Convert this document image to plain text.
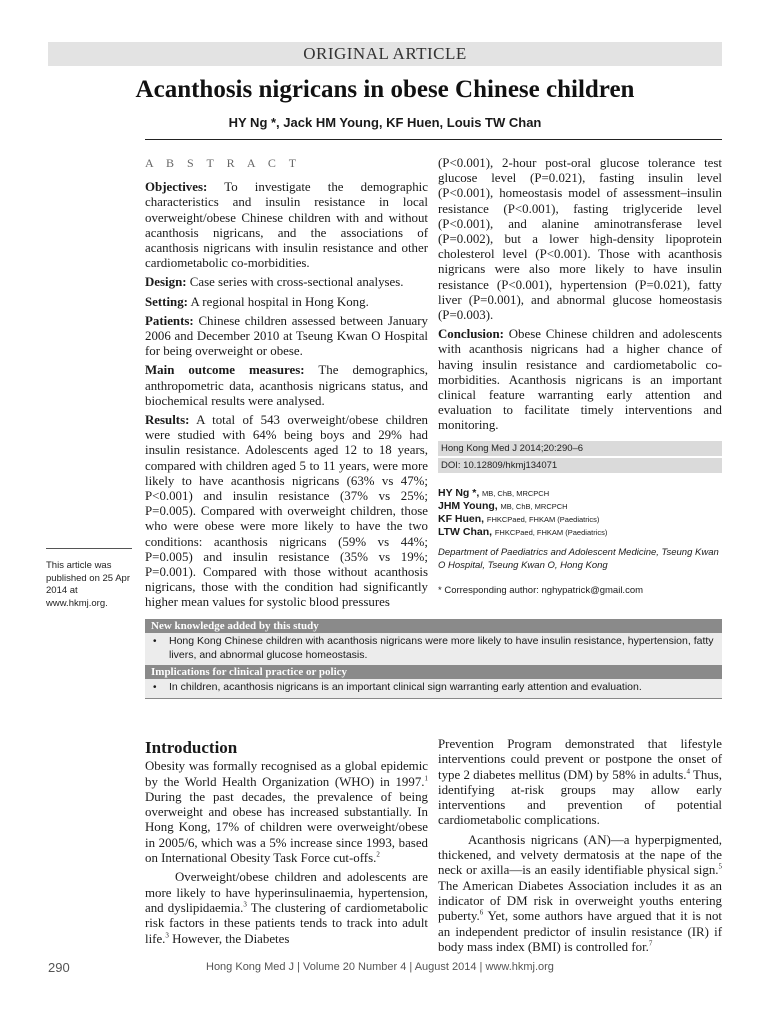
ORIGINAL ARTICLE
Acanthosis nigricans in obese Chinese children
HY Ng *, Jack HM Young, KF Huen, Louis TW Chan
A B S T R A C T

Objectives: To investigate the demographic characteristics and insulin resistance in local overweight/obese Chinese children with and without acanthosis nigricans, and the associations of acanthosis nigricans with insulin resistance and other cardiometabolic co-morbidities.

Design: Case series with cross-sectional analyses.

Setting: A regional hospital in Hong Kong.

Patients: Chinese children assessed between January 2006 and December 2010 at Tseung Kwan O Hospital for being overweight or obese.

Main outcome measures: The demographics, anthropometric data, acanthosis nigricans status, and biochemical results were analysed.

Results: A total of 543 overweight/obese children were studied with 64% being boys and 29% had insulin resistance. Adolescents aged 12 to 18 years, compared with children aged 5 to 11 years, were more likely to have acanthosis nigricans (63% vs 47%; P<0.001) and insulin resistance (37% vs 25%; P=0.005). Compared with overweight children, those who were obese were more likely to have the two conditions: acanthosis nigricans (59% vs 44%; P=0.005) and insulin resistance (35% vs 19%; P=0.001). Compared with those without acanthosis nigricans, those with the condition had significantly higher mean values for systolic blood pressures

(P<0.001), 2-hour post-oral glucose tolerance test glucose level (P=0.021), fasting insulin level (P<0.001), homeostasis model of assessment–insulin resistance (P<0.001), fasting triglyceride level (P<0.001), and alanine aminotransferase level (P=0.002), but a lower high-density lipoprotein cholesterol level (P<0.001). Those with acanthosis nigricans were also more likely to have insulin resistance (P<0.001), hypertension (P=0.021), fatty liver (P=0.001), and abnormal glucose homeostasis (P=0.003).

Conclusion: Obese Chinese children and adolescents with acanthosis nigricans had a higher chance of having insulin resistance and cardiometabolic co-morbidities. Acanthosis nigricans is an important clinical feature warranting early attention and evaluation to facilitate timely interventions and monitoring.

This article was published on 25 Apr 2014 at www.hkmj.org.
Hong Kong Med J 2014;20:290–6
DOI: 10.12809/hkmj134071
HY Ng *, MB, ChB, MRCPCH
JHM Young, MB, ChB, MRCPCH
KF Huen, FHKCPaed, FHKAM (Paediatrics)
LTW Chan, FHKCPaed, FHKAM (Paediatrics)
Department of Paediatrics and Adolescent Medicine, Tseung Kwan O Hospital, Tseung Kwan O, Hong Kong
* Corresponding author: nghypatrick@gmail.com
New knowledge added by this study
• Hong Kong Chinese children with acanthosis nigricans were more likely to have insulin resistance, hypertension, fatty livers, and abnormal glucose homeostasis.
Implications for clinical practice or policy
• In children, acanthosis nigricans is an important clinical sign warranting early attention and evaluation.
Introduction

Obesity was formally recognised as a global epidemic by the World Health Organization (WHO) in 1997.$^1$ During the past decades, the prevalence of being overweight and obese has increased substantially. In Hong Kong, 17% of children were overweight/obese in 2005/6, which was a 5% increase since 1993, based on International Obesity Task Force cut-offs.$^2$

Overweight/obese children and adolescents are more likely to have hyperinsulinaemia, hypertension, and dyslipidaemia.$^3$ The clustering of cardiometabolic risk factors in these patients tends to track into adult life.$^3$ However, the Diabetes

Prevention Program demonstrated that lifestyle interventions could prevent or postpone the onset of type 2 diabetes mellitus (DM) by 58% in adults.$^4$ Thus, identifying at-risk groups may allow early interventions and prevention of potential cardiometabolic complications.

Acanthosis nigricans (AN)—a hyperpigmented, thickened, and velvety dermatosis at the nape of the neck or axilla—is an easily identifiable physical sign.$^5$ The American Diabetes Association includes it as an indicator of DM risk in overweight youths entering puberty.$^6$ Yet, some authors have argued that it is not an independent predictor of insulin resistance (IR) if body mass index (BMI) is controlled for.$^7$

290	Hong Kong Med J | Volume 20 Number 4 | August 2014 | www.hkmj.org
